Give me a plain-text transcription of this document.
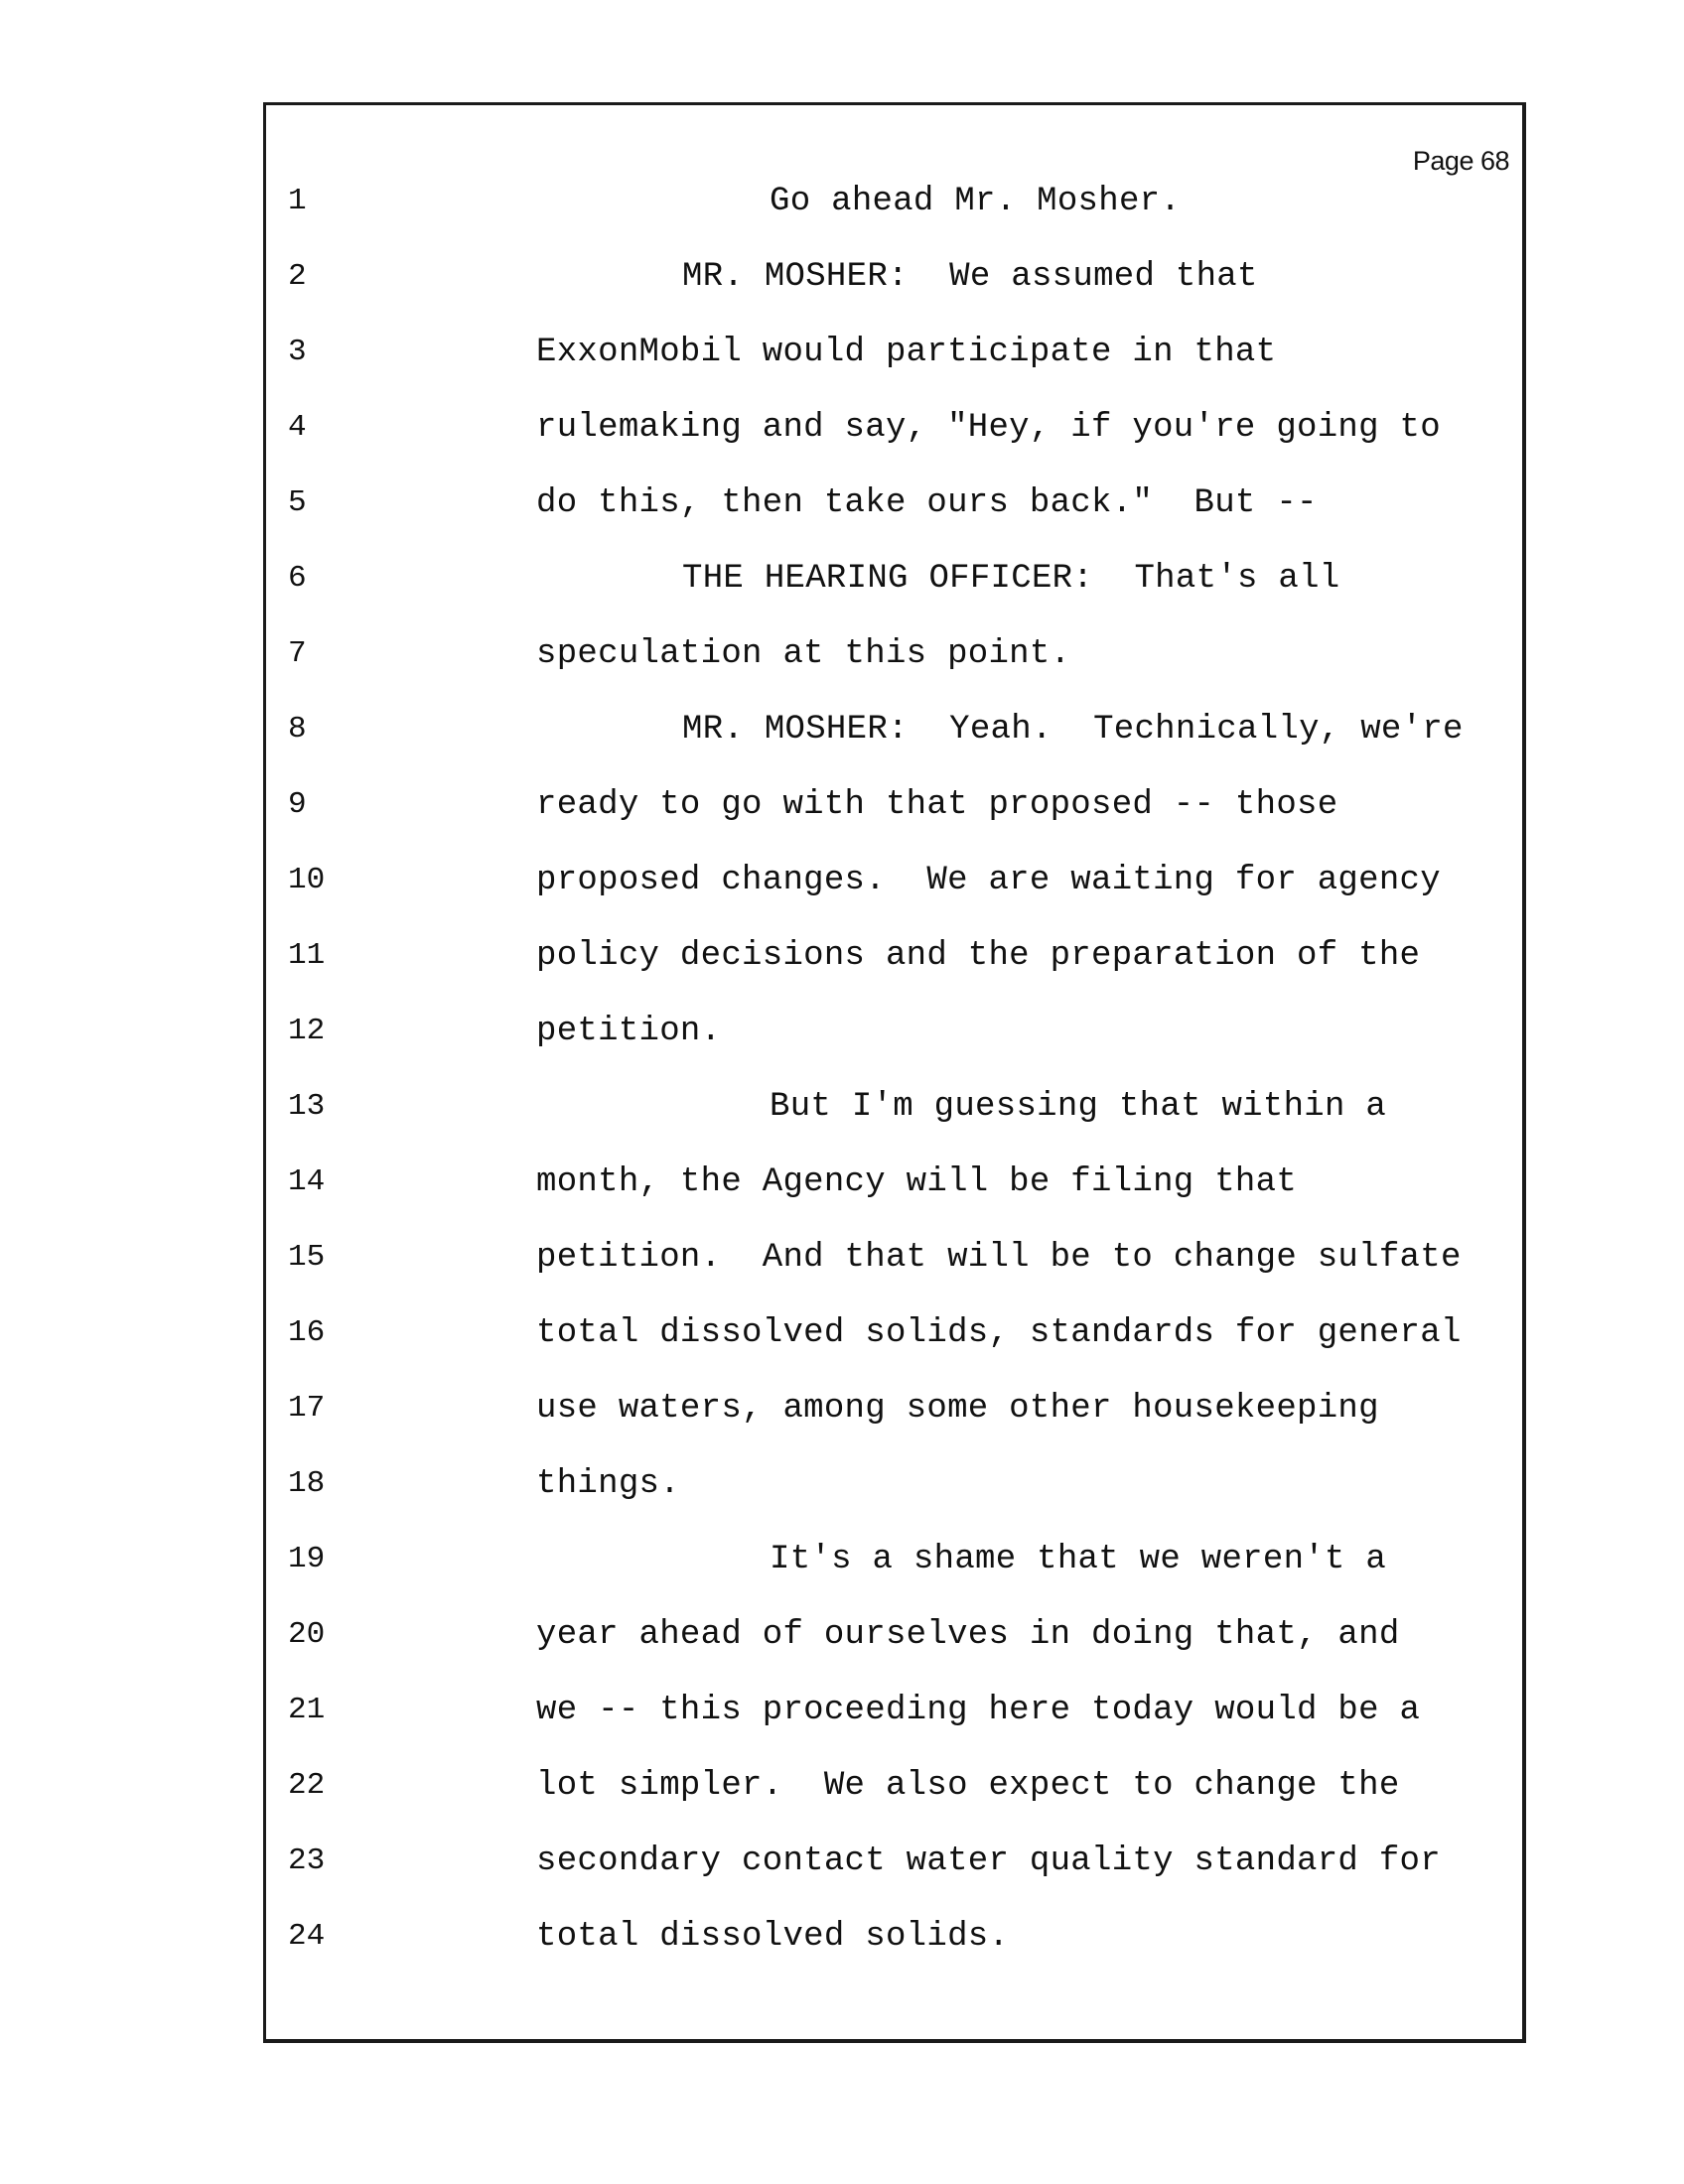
Page 68
1	Go ahead Mr. Mosher.
2	MR. MOSHER:  We assumed that
3	ExxonMobil would participate in that
4	rulemaking and say, "Hey, if you're going to
5	do this, then take ours back."  But --
6	THE HEARING OFFICER:  That's all
7	speculation at this point.
8	MR. MOSHER:  Yeah.  Technically, we're
9	ready to go with that proposed -- those
10	proposed changes.  We are waiting for agency
11	policy decisions and the preparation of the
12	petition.
13	But I'm guessing that within a
14	month, the Agency will be filing that
15	petition.  And that will be to change sulfate
16	total dissolved solids, standards for general
17	use waters, among some other housekeeping
18	things.
19	It's a shame that we weren't a
20	year ahead of ourselves in doing that, and
21	we -- this proceeding here today would be a
22	lot simpler.  We also expect to change the
23	secondary contact water quality standard for
24	total dissolved solids.
